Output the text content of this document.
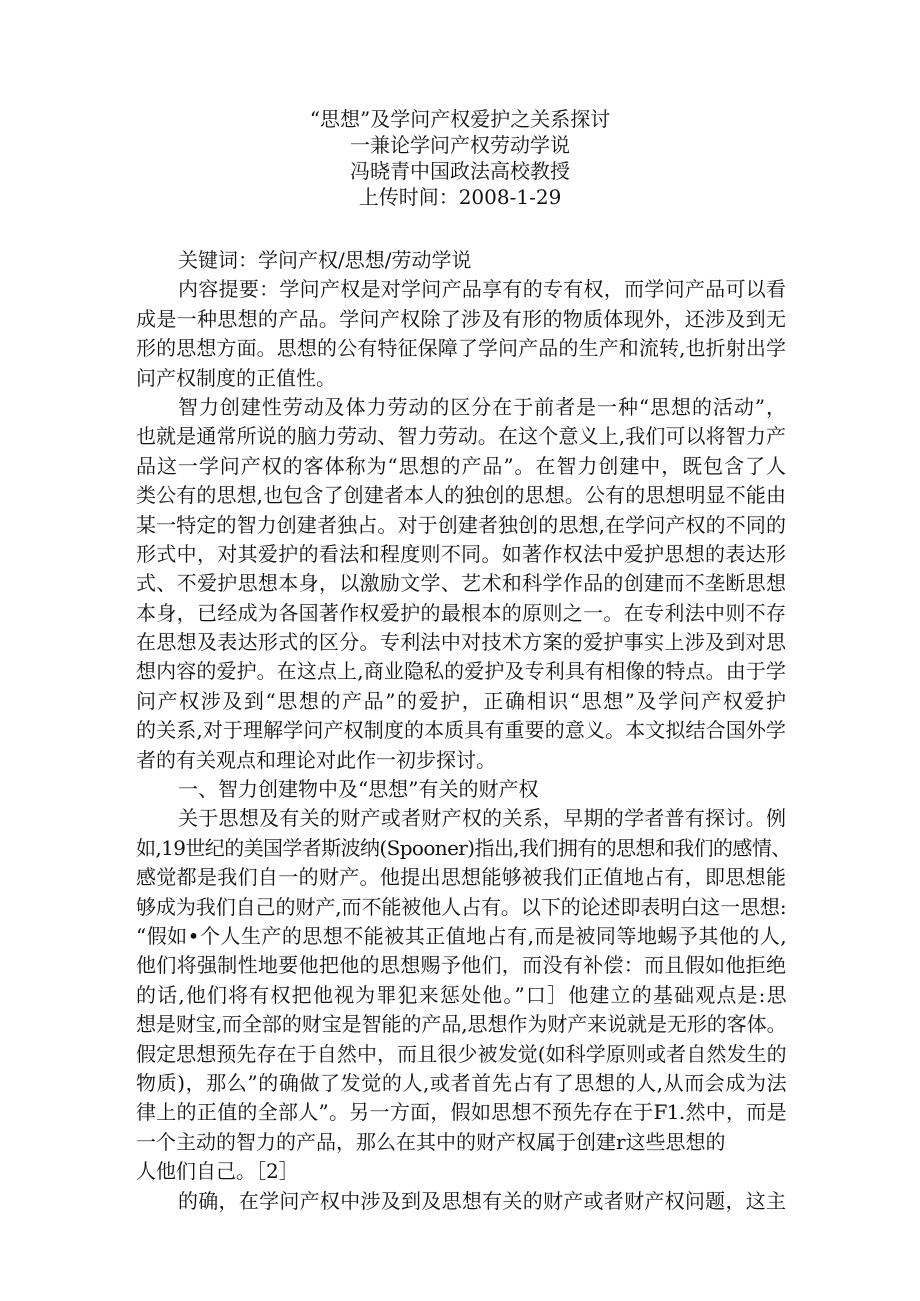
“思想”及学问产权爱护之关系探讨
一兼论学问产权劳动学说
冯晓青中国政法高校教授
上传时间：2008-1-29
关键词：学问产权/思想/劳动学说
内容提要：学问产权是对学问产品享有的专有权，而学问产品可以看
成是一种思想的产品。学问产权除了涉及有形的物质体现外，还涉及到无
形的思想方面。思想的公有特征保障了学问产品的生产和流转,也折射出学
问产权制度的正值性。
智力创建性劳动及体力劳动的区分在于前者是一种“思想的活动”，
也就是通常所说的脑力劳动、智力劳动。在这个意义上,我们可以将智力产
品这一学问产权的客体称为“思想的产品”。在智力创建中，既包含了人
类公有的思想,也包含了创建者本人的独创的思想。公有的思想明显不能由
某一特定的智力创建者独占。对于创建者独创的思想,在学问产权的不同的
形式中，对其爱护的看法和程度则不同。如著作权法中爱护思想的表达形
式、不爱护思想本身，以激励文学、艺术和科学作品的创建而不垄断思想
本身，已经成为各国著作权爱护的最根本的原则之一。在专利法中则不存
在思想及表达形式的区分。专利法中对技术方案的爱护事实上涉及到对思
想内容的爱护。在这点上,商业隐私的爱护及专利具有相像的特点。由于学
问产权涉及到“思想的产品”的爱护，正确相识“思想”及学问产权爱护
的关系,对于理解学问产权制度的本质具有重要的意义。本文拟结合国外学
者的有关观点和理论对此作一初步探讨。
一、智力创建物中及“思想”有关的财产权
关于思想及有关的财产或者财产权的关系，早期的学者普有探讨。例
如,19世纪的美国学者斯波纳(Spooner)指出,我们拥有的思想和我们的感情、
感觉都是我们自一的财产。他提出思想能够被我们正值地占有，即思想能
够成为我们自己的财产,而不能被他人占有。以下的论述即表明白这一思想:
“假如•个人生产的思想不能被其正值地占有,而是被同等地蜴予其他的人,
他们将强制性地要他把他的思想赐予他们，而没有补偿：而且假如他拒绝
的话,他们将有权把他视为罪犯来惩处他。”口］他建立的基础观点是:思
想是财宝,而全部的财宝是智能的产品,思想作为财产来说就是无形的客体。
假定思想预先存在于自然中，而且很少被发觉(如科学原则或者自然发生的
物质)，那么”的确做了发觉的人,或者首先占有了思想的人,从而会成为法
律上的正值的全部人”。另一方面，假如思想不预先存在于F1.然中，而是
一个主动的智力的产品，那么在其中的财产权属于创建r这些思想的
人他们自己。［2］
的确，在学问产权中涉及到及思想有关的财产或者财产权问题，这主
